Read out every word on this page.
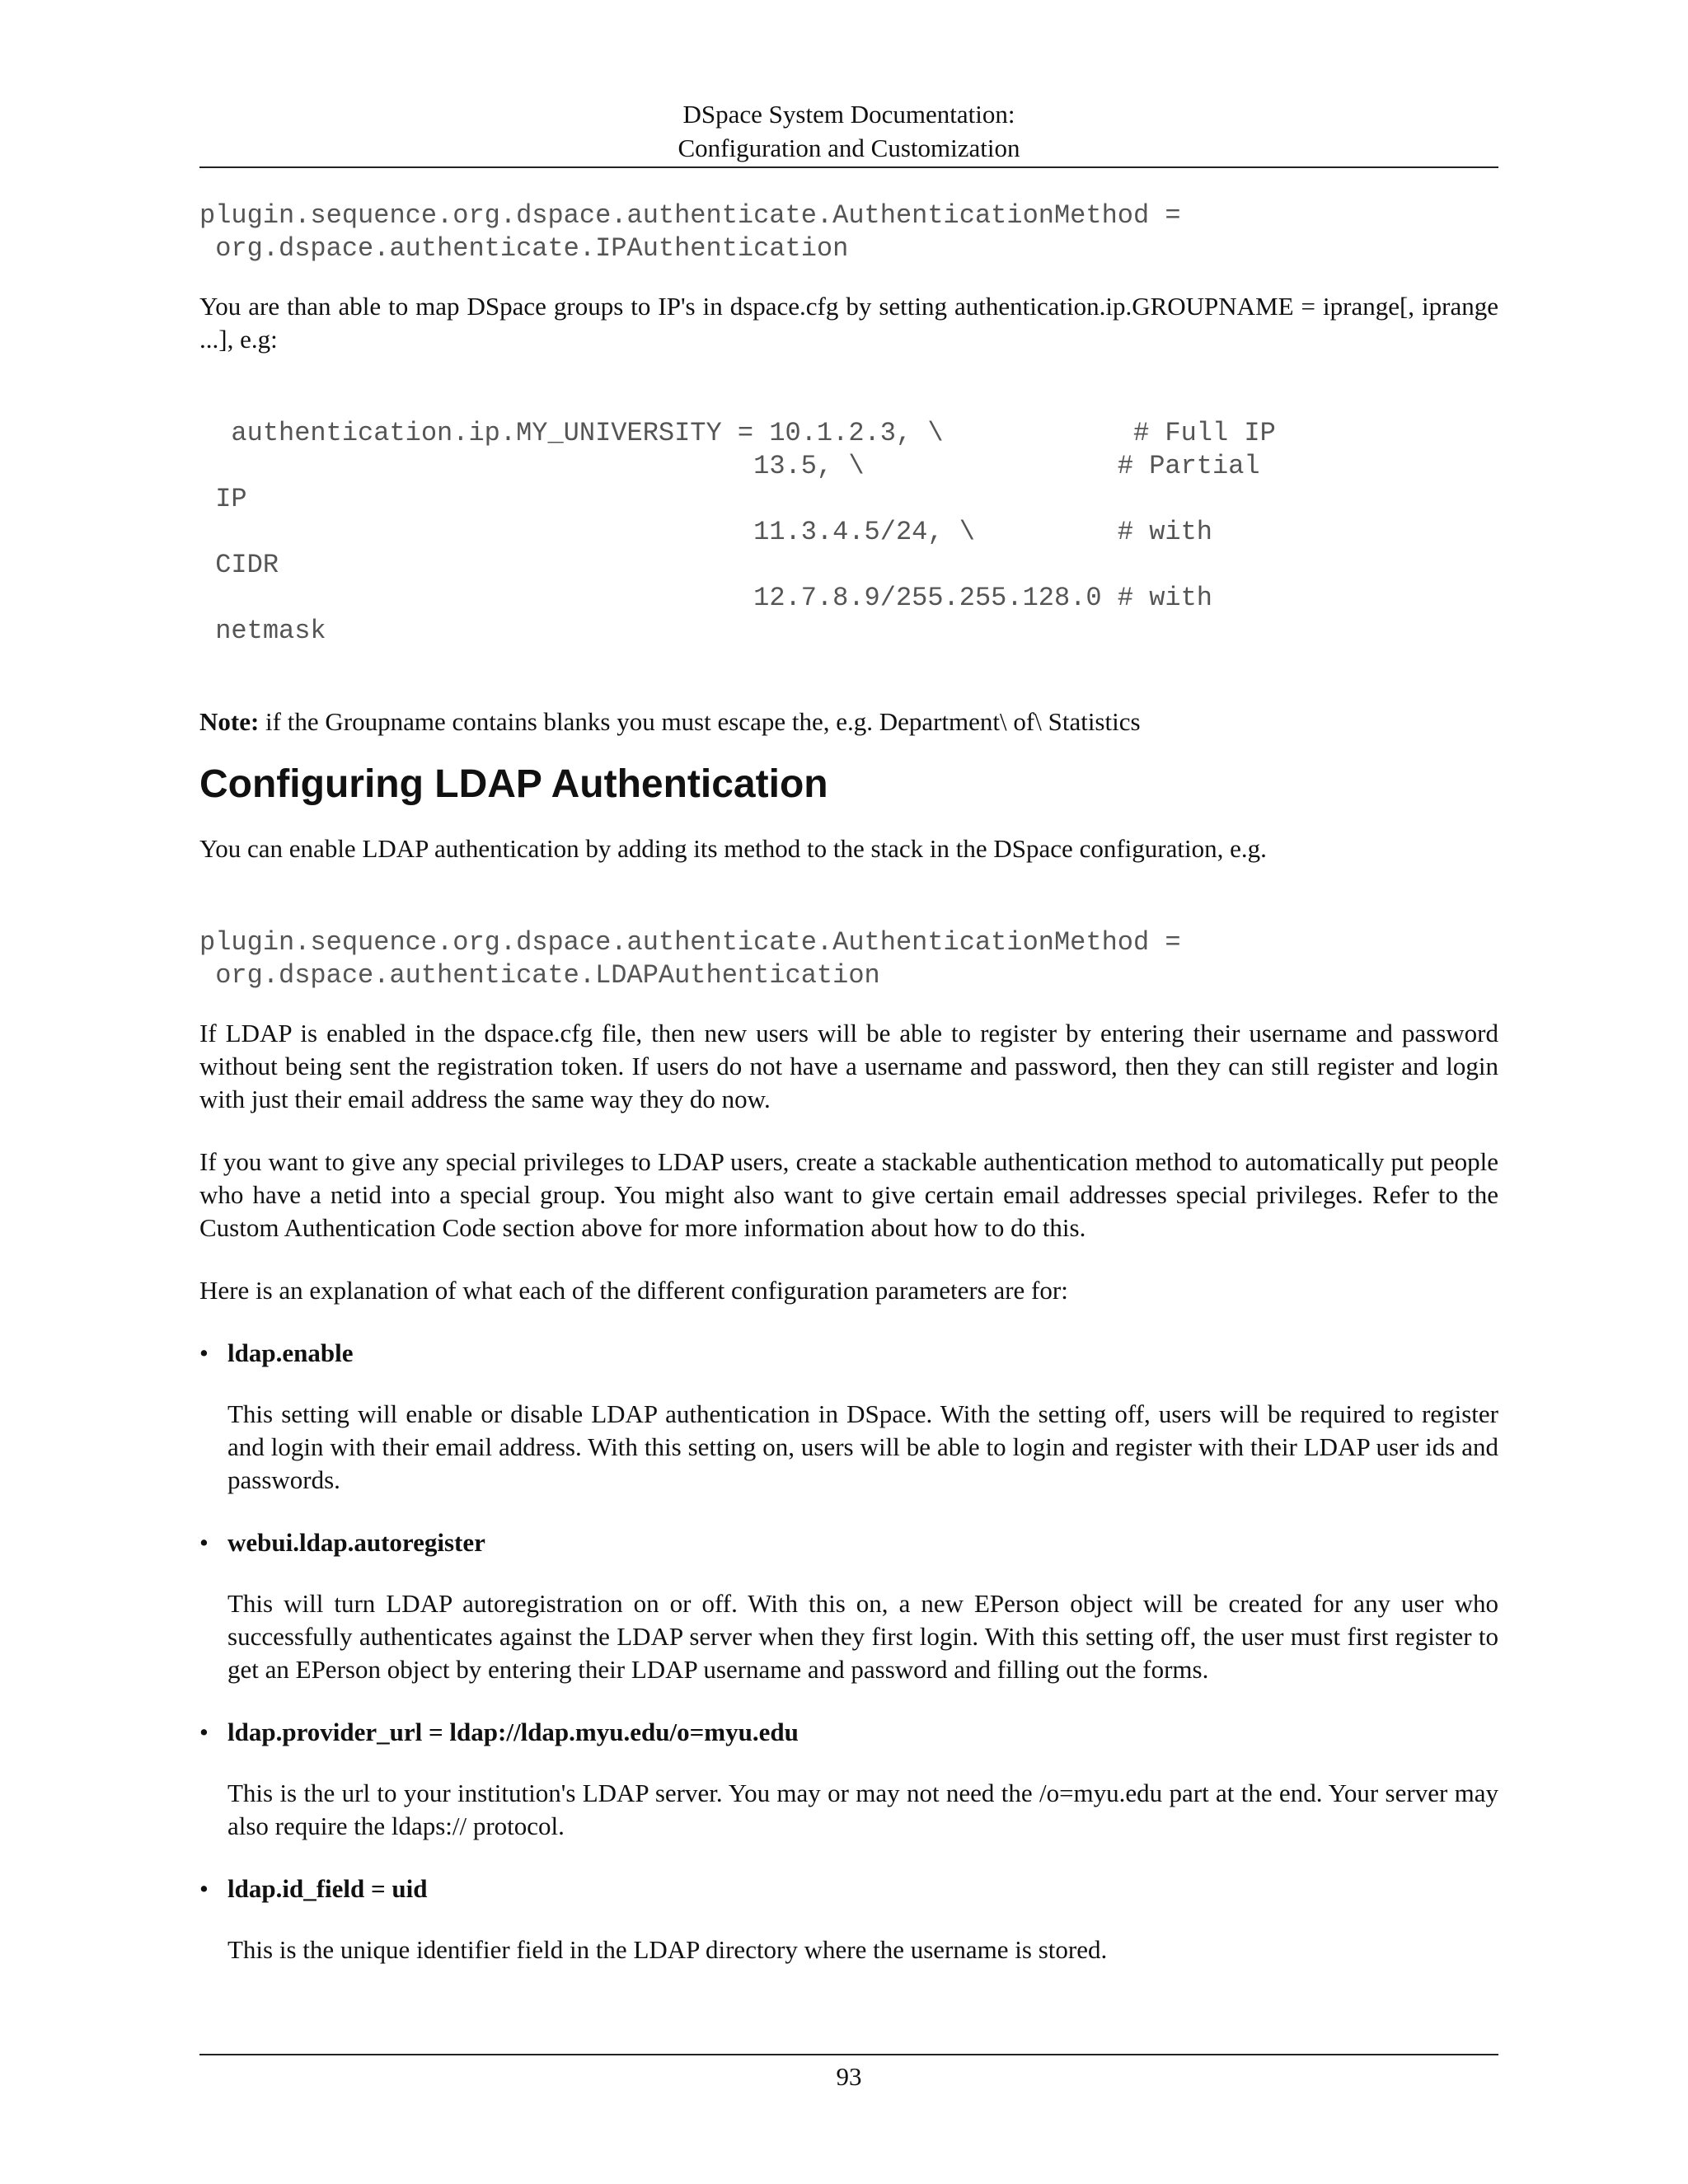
DSpace System Documentation:
Configuration and Customization
plugin.sequence.org.dspace.authenticate.AuthenticationMethod =
org.dspace.authenticate.IPAuthentication

You are than able to map DSpace groups to IP's in dspace.cfg by setting authentication.ip.GROUPNAME = iprange[, iprange ...], e.g:

authentication.ip.MY_UNIVERSITY = 10.1.2.3, \            # Full IP
13.5, \                # Partial
IP
11.3.4.5/24, \         # with
CIDR
12.7.8.9/255.255.128.0 # with
netmask

Note: if the Groupname contains blanks you must escape the, e.g. Department\ of\ Statistics

Configuring LDAP Authentication

You can enable LDAP authentication by adding its method to the stack in the DSpace configuration, e.g.

plugin.sequence.org.dspace.authenticate.AuthenticationMethod =
org.dspace.authenticate.LDAPAuthentication

If LDAP is enabled in the dspace.cfg file, then new users will be able to register by entering their username and password without being sent the registration token. If users do not have a username and password, then they can still register and login with just their email address the same way they do now.

If you want to give any special privileges to LDAP users, create a stackable authentication method to automatically put people who have a netid into a special group. You might also want to give certain email addresses special privileges. Refer to the Custom Authentication Code section above for more information about how to do this.

Here is an explanation of what each of the different configuration parameters are for:

• ldap.enable

This setting will enable or disable LDAP authentication in DSpace. With the setting off, users will be required to register and login with their email address. With this setting on, users will be able to login and register with their LDAP user ids and passwords.

• webui.ldap.autoregister

This will turn LDAP autoregistration on or off. With this on, a new EPerson object will be created for any user who successfully authenticates against the LDAP server when they first login. With this setting off, the user must first register to get an EPerson object by entering their LDAP username and password and filling out the forms.

• ldap.provider_url = ldap://ldap.myu.edu/o=myu.edu

This is the url to your institution's LDAP server. You may or may not need the /o=myu.edu part at the end. Your server may also require the ldaps:// protocol.

• ldap.id_field = uid

This is the unique identifier field in the LDAP directory where the username is stored.

93
